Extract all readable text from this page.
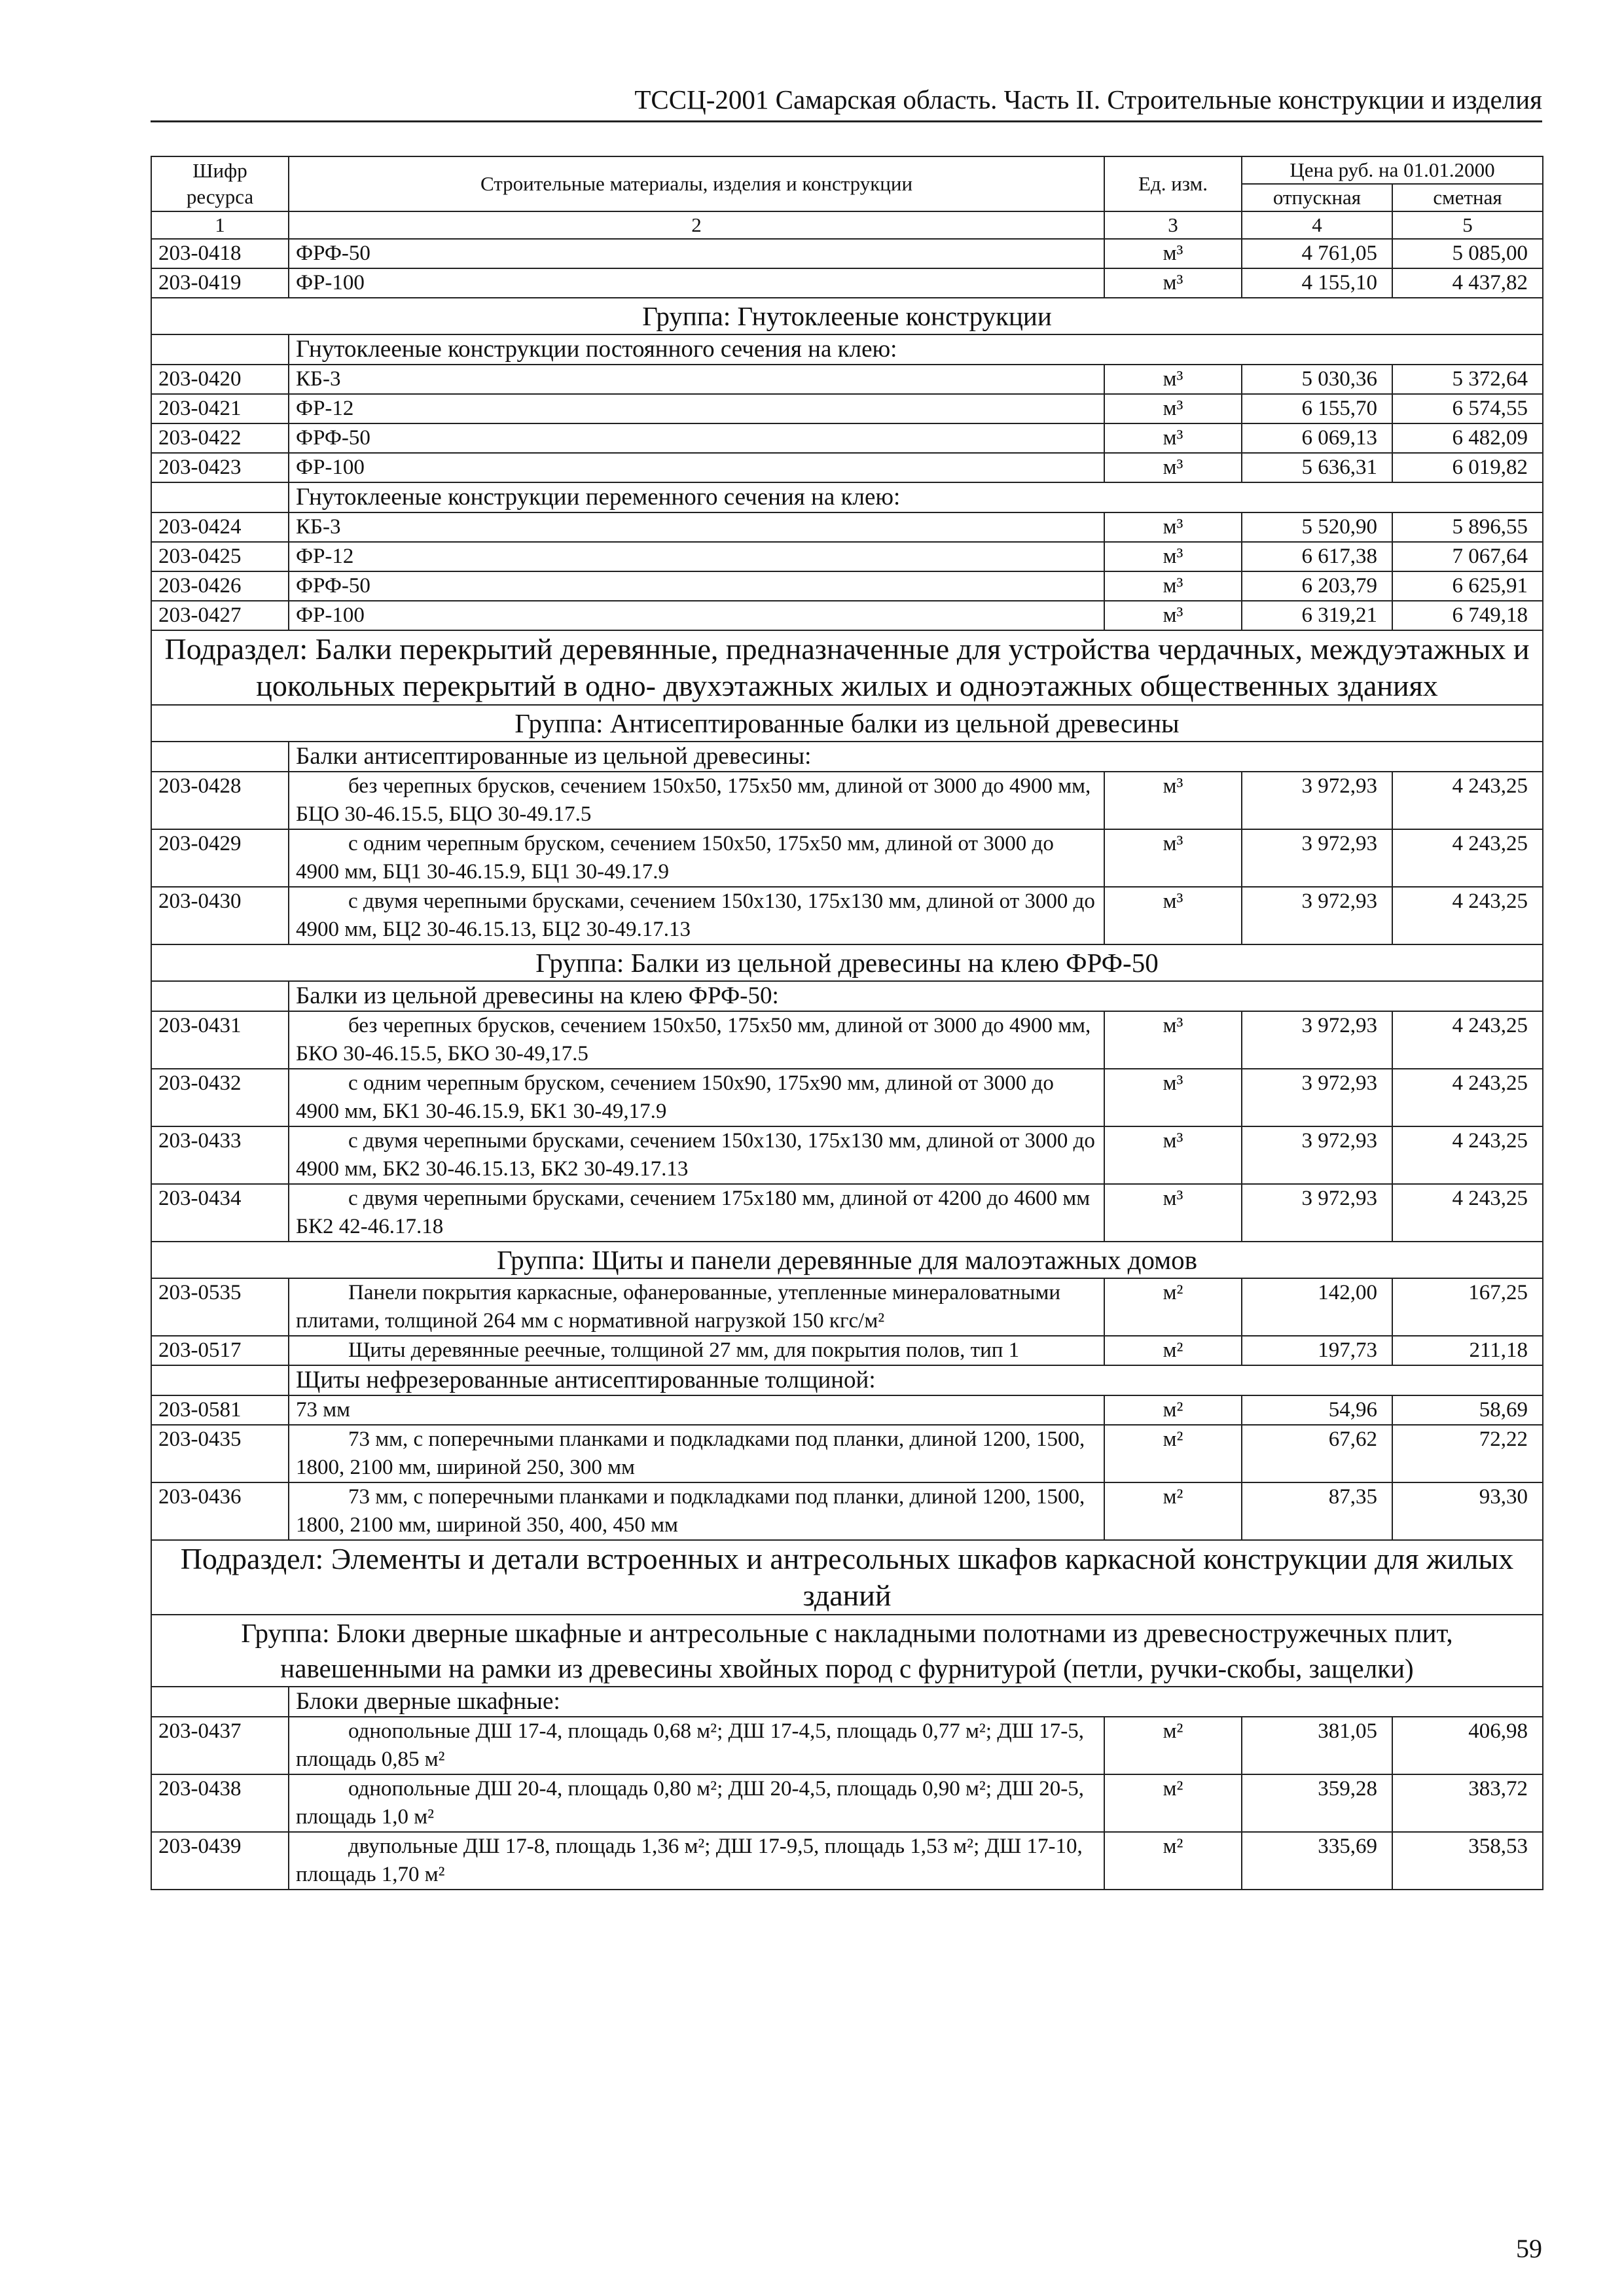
ТССЦ-2001 Самарская область. Часть II. Строительные конструкции и изделия
Шифр ресурса	Строительные материалы, изделия и конструкции	Ед. изм.	Цена руб. на 01.01.2000	
			отпускная	сметная
1	2	3	4	5
203-0418	ФРФ-50	м³	4 761,05	5 085,00
203-0419	ФР-100	м³	4 155,10	4 437,82
Группа: Гнутоклееные конструкции				
	Гнутоклееные конструкции постоянного сечения на клею:			
203-0420	КБ-3	м³	5 030,36	5 372,64
203-0421	ФР-12	м³	6 155,70	6 574,55
203-0422	ФРФ-50	м³	6 069,13	6 482,09
203-0423	ФР-100	м³	5 636,31	6 019,82
	Гнутоклееные конструкции переменного сечения на клею:			
203-0424	КБ-3	м³	5 520,90	5 896,55
203-0425	ФР-12	м³	6 617,38	7 067,64
203-0426	ФРФ-50	м³	6 203,79	6 625,91
203-0427	ФР-100	м³	6 319,21	6 749,18
Подраздел: Балки перекрытий деревянные, предназначенные для устройства чердачных, междуэтажных и цокольных перекрытий в одно- двухэтажных жилых и одноэтажных общественных зданиях				
Группа: Антисептированные балки из цельной древесины				
	Балки антисептированные из цельной древесины:			
203-0428	без черепных брусков, сечением 150х50, 175х50 мм, длиной от 3000 до 4900 мм, БЦО 30-46.15.5, БЦО 30-49.17.5	м³	3 972,93	4 243,25
203-0429	с одним черепным бруском, сечением 150х50, 175х50 мм, длиной от 3000 до 4900 мм, БЦ1 30-46.15.9, БЦ1 30-49.17.9	м³	3 972,93	4 243,25
203-0430	с двумя черепными брусками, сечением 150х130, 175х130 мм, длиной от 3000 до 4900 мм, БЦ2 30-46.15.13, БЦ2 30-49.17.13	м³	3 972,93	4 243,25
Группа: Балки из цельной древесины на клею ФРФ-50				
	Балки из цельной древесины на клею ФРФ-50:			
203-0431	без черепных брусков, сечением 150х50, 175х50 мм, длиной от 3000 до 4900 мм, БКО 30-46.15.5, БКО 30-49,17.5	м³	3 972,93	4 243,25
203-0432	с одним черепным бруском, сечением 150х90, 175х90 мм, длиной от 3000 до 4900 мм, БК1 30-46.15.9, БК1 30-49,17.9	м³	3 972,93	4 243,25
203-0433	с двумя черепными брусками, сечением 150х130, 175х130 мм, длиной от 3000 до 4900 мм, БК2 30-46.15.13, БК2 30-49.17.13	м³	3 972,93	4 243,25
203-0434	с двумя черепными брусками, сечением 175х180 мм, длиной от 4200 до 4600 мм БК2 42-46.17.18	м³	3 972,93	4 243,25
Группа: Щиты и панели деревянные для малоэтажных домов				
203-0535	Панели покрытия каркасные, офанерованные, утепленные минераловатными плитами, толщиной 264 мм с нормативной нагрузкой 150 кгс/м²	м²	142,00	167,25
203-0517	Щиты деревянные реечные, толщиной 27 мм, для покрытия полов, тип 1	м²	197,73	211,18
	Щиты нефрезерованные антисептированные толщиной:			
203-0581	73 мм	м²	54,96	58,69
203-0435	73 мм, с поперечными планками и подкладками под планки, длиной 1200, 1500, 1800, 2100 мм, шириной 250, 300 мм	м²	67,62	72,22
203-0436	73 мм, с поперечными планками и подкладками под планки, длиной 1200, 1500, 1800, 2100 мм, шириной 350, 400, 450 мм	м²	87,35	93,30
Подраздел: Элементы и детали встроенных и антресольных шкафов каркасной конструкции для жилых зданий				
Группа: Блоки дверные шкафные и антресольные с накладными полотнами из древесностружечных плит, навешенными на рамки из древесины хвойных пород с фурнитурой (петли, ручки-скобы, защелки)				
	Блоки дверные шкафные:			
203-0437	однопольные ДШ 17-4, площадь 0,68 м²; ДШ 17-4,5, площадь 0,77 м²; ДШ 17-5, площадь 0,85 м²	м²	381,05	406,98
203-0438	однопольные ДШ 20-4, площадь 0,80 м²; ДШ 20-4,5, площадь 0,90 м²; ДШ 20-5, площадь 1,0 м²	м²	359,28	383,72
203-0439	двупольные ДШ 17-8, площадь 1,36 м²; ДШ 17-9,5, площадь 1,53 м²; ДШ 17-10, площадь 1,70 м²	м²	335,69	358,53
59
